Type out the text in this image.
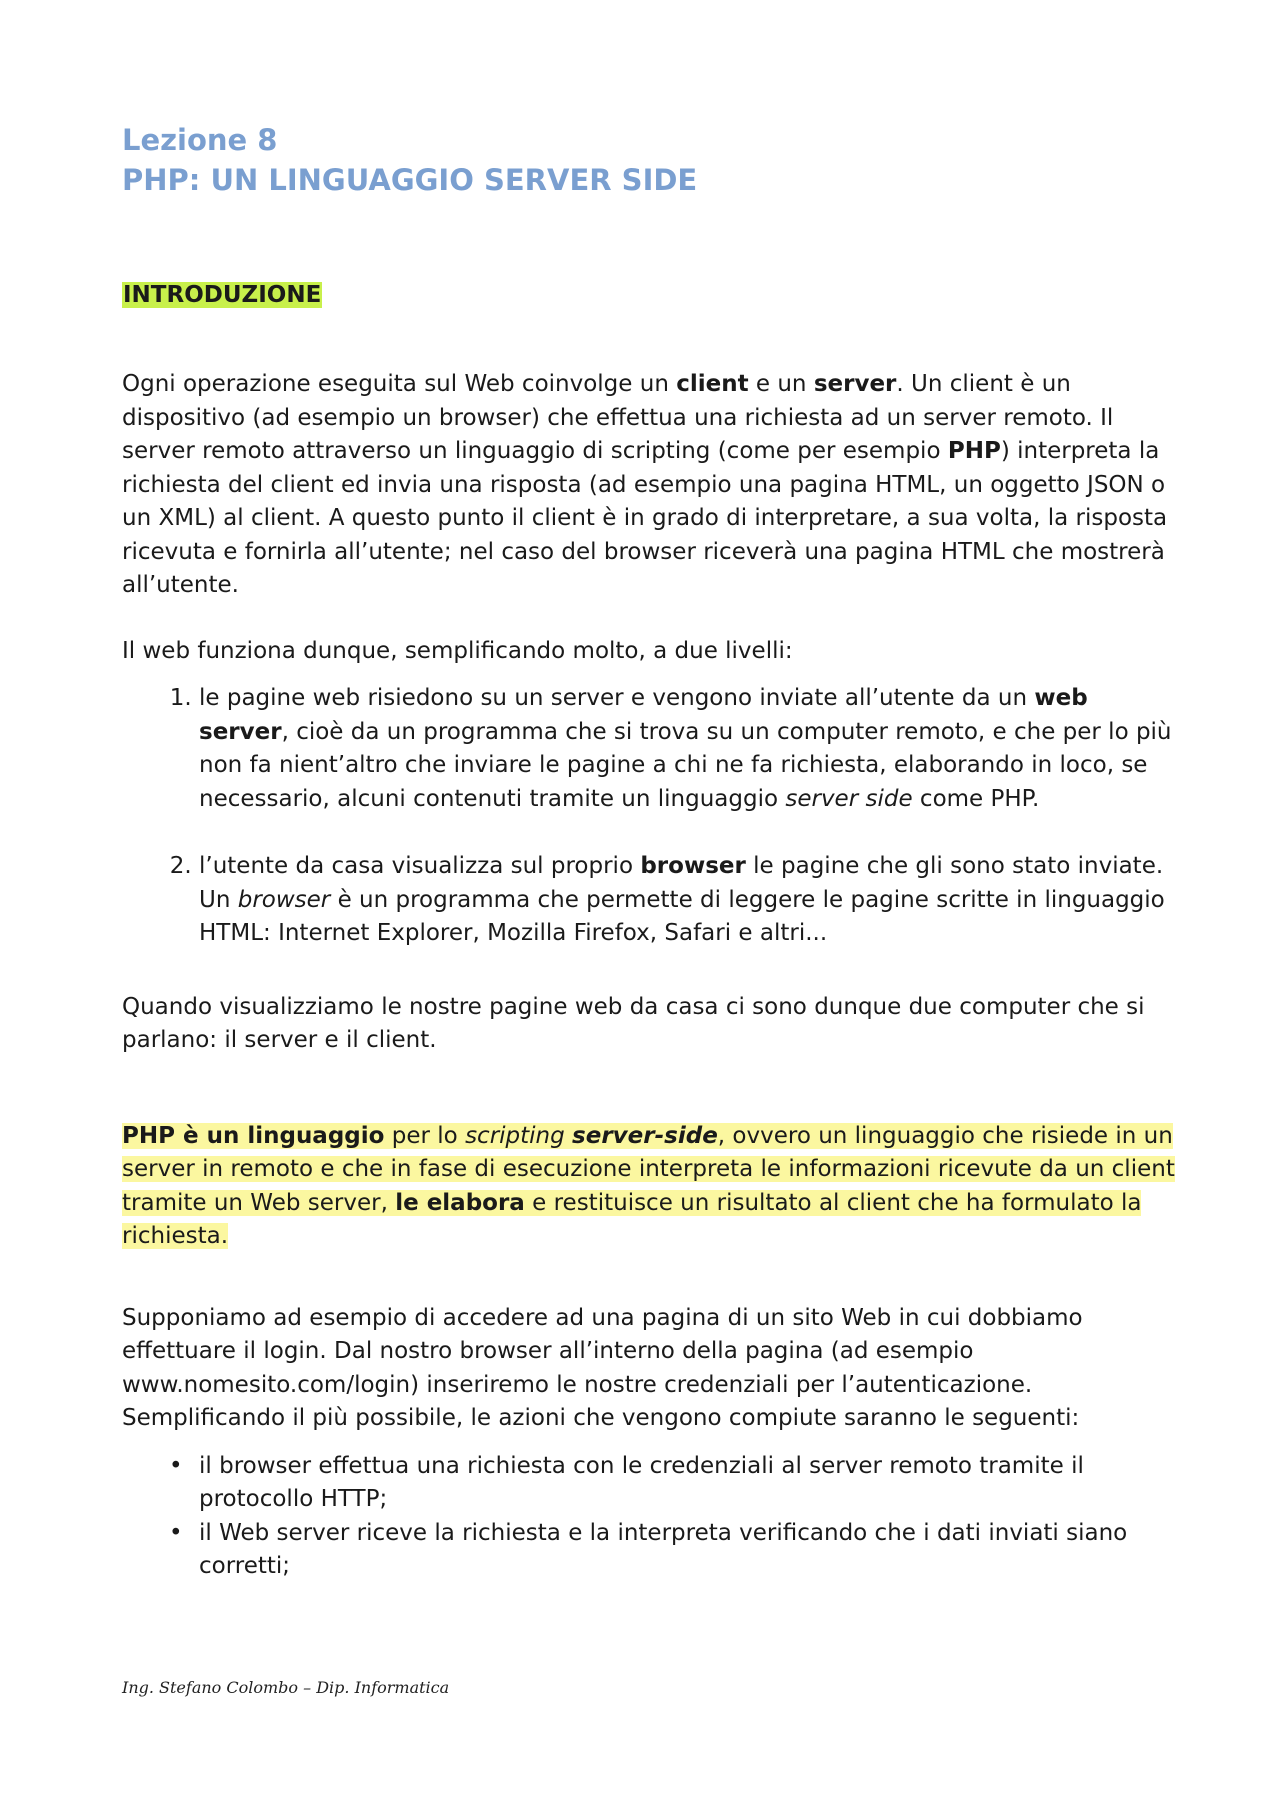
Lezione 8
PHP: UN LINGUAGGIO SERVER SIDE
INTRODUZIONE

Ogni operazione eseguita sul Web coinvolge un client e un server. Un client è un dispositivo (ad esempio un browser) che effettua una richiesta ad un server remoto. Il server remoto attraverso un linguaggio di scripting (come per esempio PHP) interpreta la richiesta del client ed invia una risposta (ad esempio una pagina HTML, un oggetto JSON o un XML) al client. A questo punto il client è in grado di interpretare, a sua volta, la risposta ricevuta e fornirla all’utente; nel caso del browser riceverà una pagina HTML che mostrerà all’utente.

Il web funziona dunque, semplificando molto, a due livelli:

1. le pagine web risiedono su un server e vengono inviate all’utente da un web server, cioè da un programma che si trova su un computer remoto, e che per lo più non fa nient’altro che inviare le pagine a chi ne fa richiesta, elaborando in loco, se necessario, alcuni contenuti tramite un linguaggio server side come PHP.
2. l’utente da casa visualizza sul proprio browser le pagine che gli sono stato inviate. Un browser è un programma che permette di leggere le pagine scritte in linguaggio HTML: Internet Explorer, Mozilla Firefox, Safari e altri...

Quando visualizziamo le nostre pagine web da casa ci sono dunque due computer che si parlano: il server e il client.

PHP è un linguaggio per lo scripting server-side, ovvero un linguaggio che risiede in un server in remoto e che in fase di esecuzione interpreta le informazioni ricevute da un client tramite un Web server, le elabora e restituisce un risultato al client che ha formulato la richiesta.

Supponiamo ad esempio di accedere ad una pagina di un sito Web in cui dobbiamo effettuare il login. Dal nostro browser all’interno della pagina (ad esempio www.nomesito.com/login) inseriremo le nostre credenziali per l’autenticazione. Semplificando il più possibile, le azioni che vengono compiute saranno le seguenti:

• il browser effettua una richiesta con le credenziali al server remoto tramite il protocollo HTTP;
• il Web server riceve la richiesta e la interpreta verificando che i dati inviati siano corretti;
Ing. Stefano Colombo – Dip. Informatica
